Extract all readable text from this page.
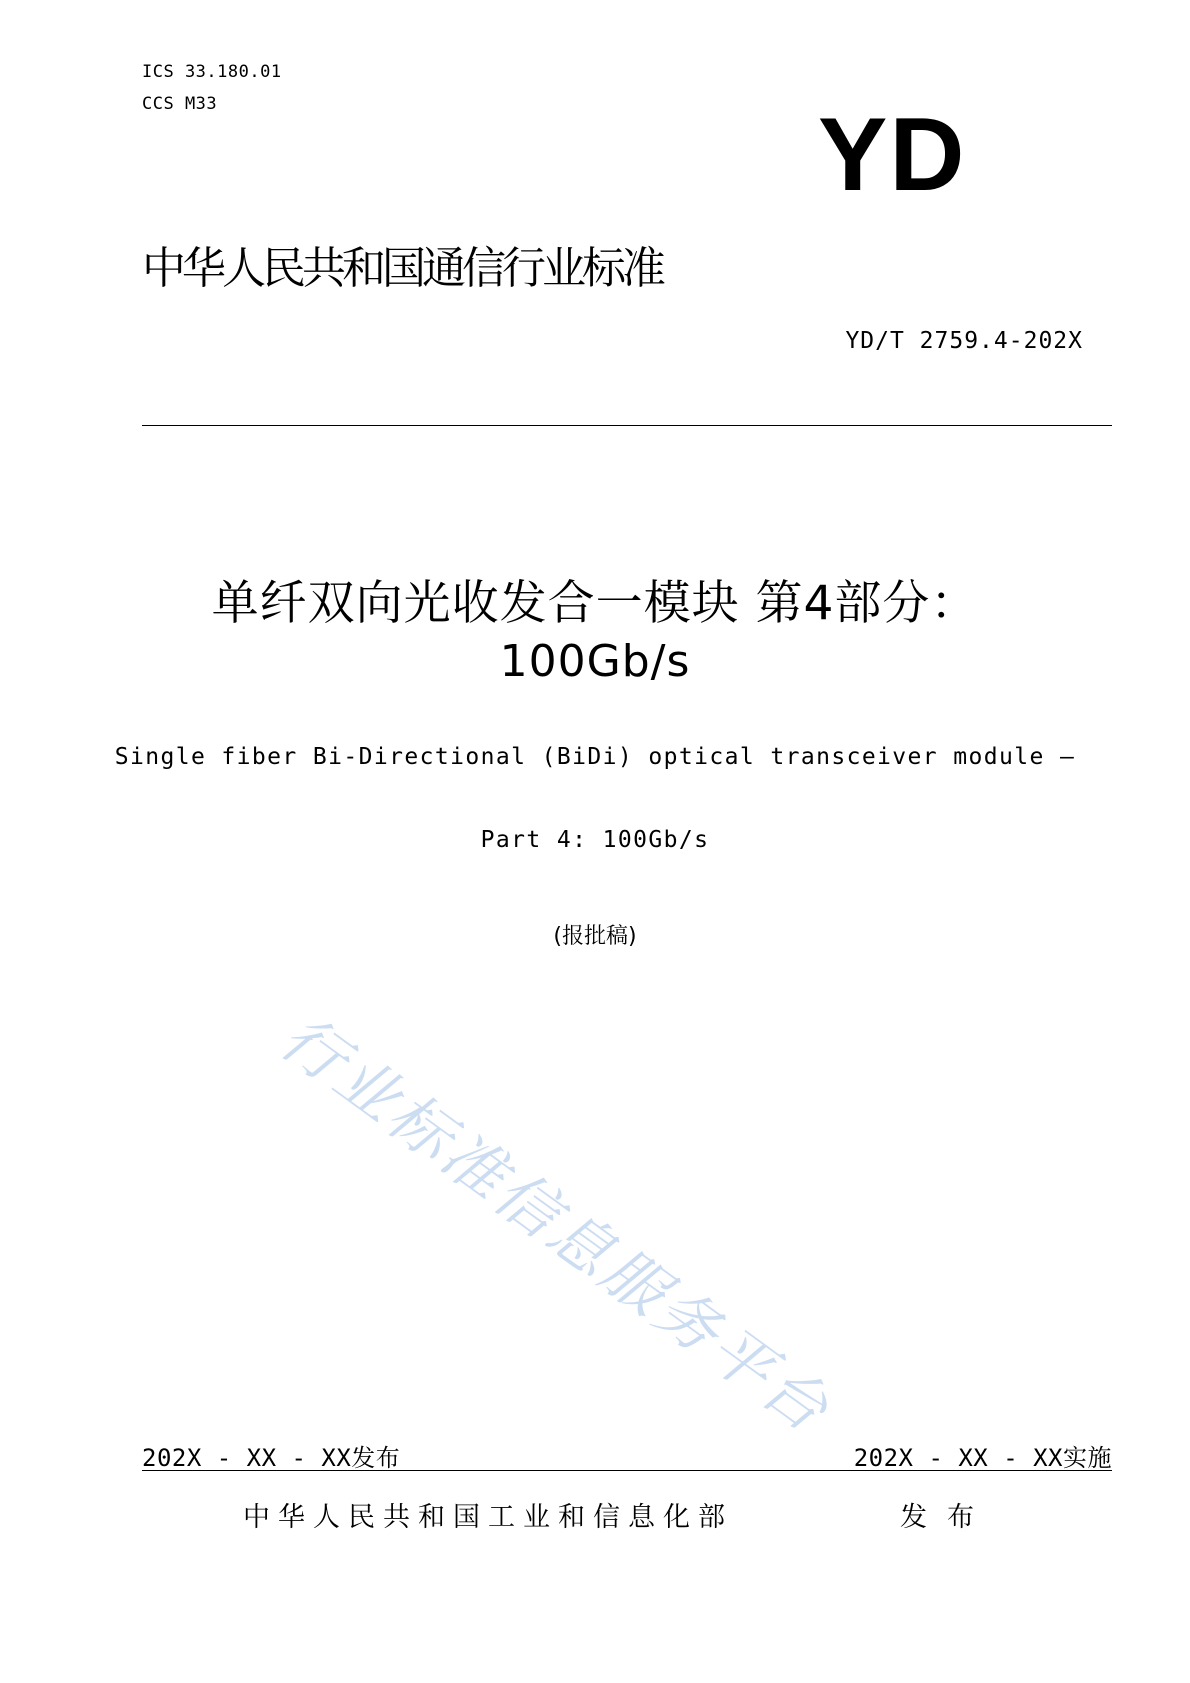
ICS 33.180.01
CCS M33	YD
中华人民共和国通信行业标准
YD/T 2759.4-202X
单纤双向光收发合一模块 第4部分：
100Gb/s
Single fiber Bi-Directional (BiDi) optical transceiver module –
Part 4: 100Gb/s
(报批稿)
行业标准信息服务平台
202X - XX - XX发布	202X - XX - XX实施
中华人民共和国工业和信息化部	发布
